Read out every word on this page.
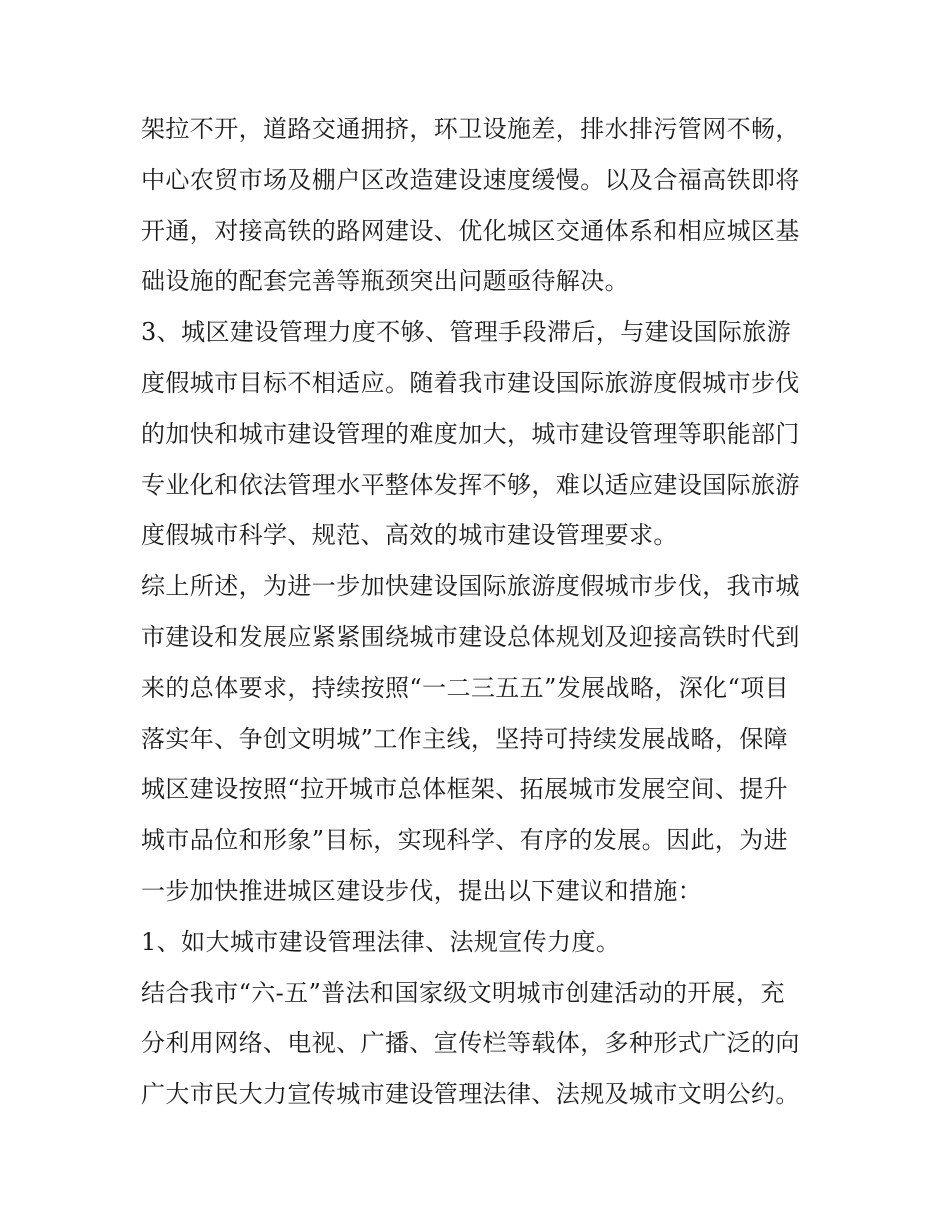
架拉不开，道路交通拥挤，环卫设施差，排水排污管网不畅，
中心农贸市场及棚户区改造建设速度缓慢。以及合福高铁即将
开通，对接高铁的路网建设、优化城区交通体系和相应城区基
础设施的配套完善等瓶颈突出问题亟待解决。
3、城区建设管理力度不够、管理手段滞后，与建设国际旅游
度假城市目标不相适应。随着我市建设国际旅游度假城市步伐
的加快和城市建设管理的难度加大，城市建设管理等职能部门
专业化和依法管理水平整体发挥不够，难以适应建设国际旅游
度假城市科学、规范、高效的城市建设管理要求。
综上所述，为进一步加快建设国际旅游度假城市步伐，我市城
市建设和发展应紧紧围绕城市建设总体规划及迎接高铁时代到
来的总体要求，持续按照“一二三五五”发展战略，深化“项目
落实年、争创文明城”工作主线，坚持可持续发展战略，保障
城区建设按照“拉开城市总体框架、拓展城市发展空间、提升
城市品位和形象”目标，实现科学、有序的发展。因此，为进
一步加快推进城区建设步伐，提出以下建议和措施：
1、如大城市建设管理法律、法规宣传力度。
结合我市“六-五”普法和国家级文明城市创建活动的开展，充
分利用网络、电视、广播、宣传栏等载体，多种形式广泛的向
广大市民大力宣传城市建设管理法律、法规及城市文明公约。
